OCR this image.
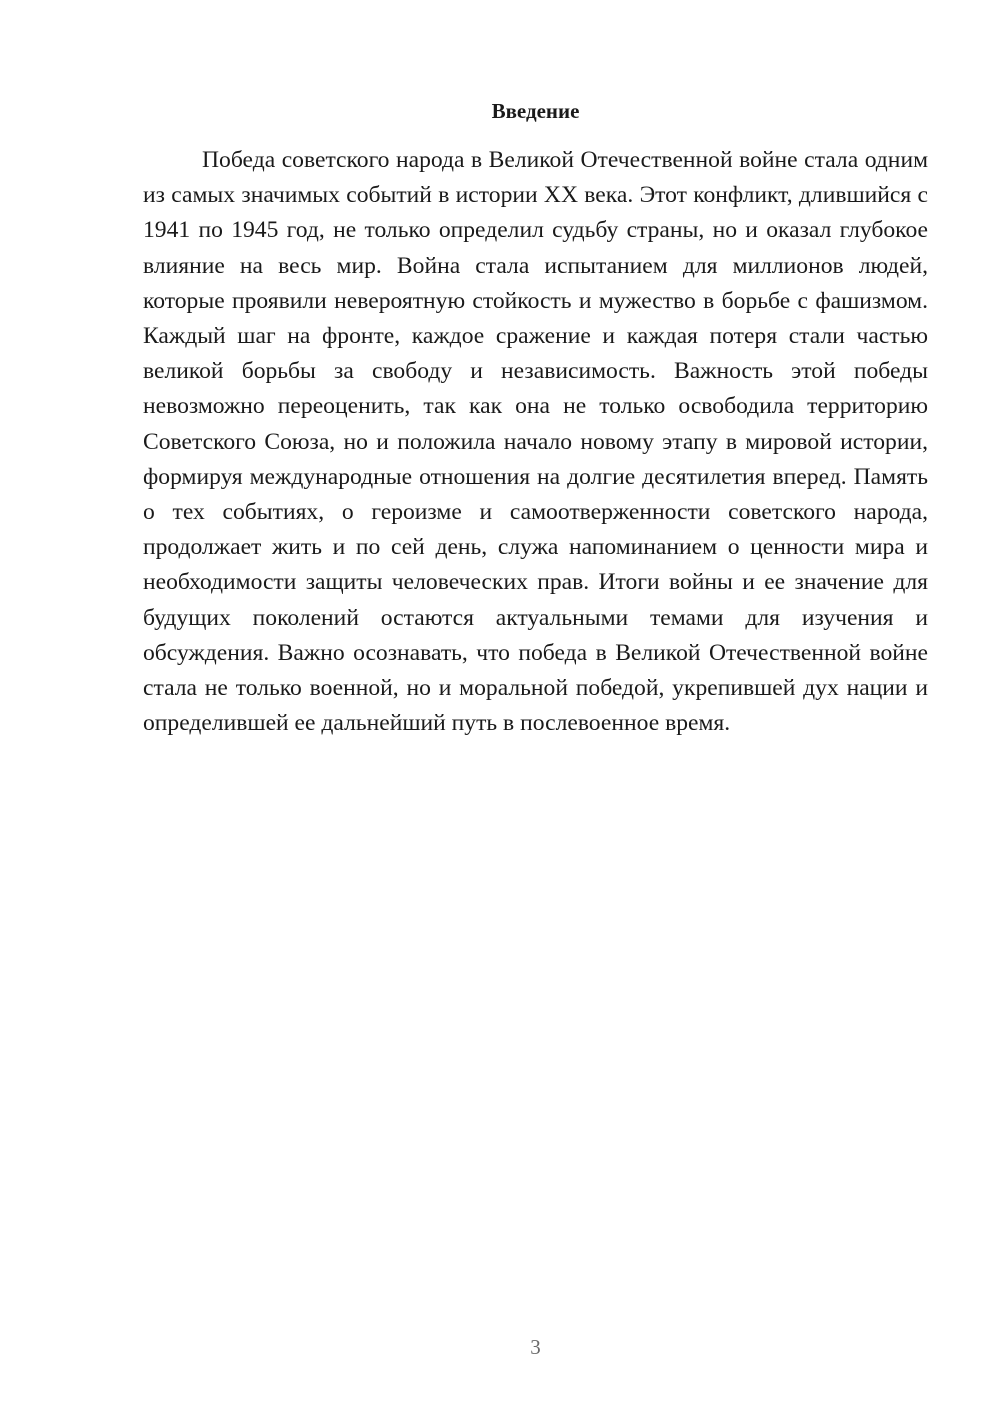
Введение

Победа советского народа в Великой Отечественной войне стала одним из самых значимых событий в истории XX века. Этот конфликт, длившийся с 1941 по 1945 год, не только определил судьбу страны, но и оказал глубокое влияние на весь мир. Война стала испытанием для миллионов людей, которые проявили невероятную стойкость и мужество в борьбе с фашизмом. Каждый шаг на фронте, каждое сражение и каждая потеря стали частью великой борьбы за свободу и независимость. Важность этой победы невозможно переоценить, так как она не только освободила территорию Советского Союза, но и положила начало новому этапу в мировой истории, формируя международные отношения на долгие десятилетия вперед. Память о тех событиях, о героизме и самоотверженности советского народа, продолжает жить и по сей день, служа напоминанием о ценности мира и необходимости защиты человеческих прав. Итоги войны и ее значение для будущих поколений остаются актуальными темами для изучения и обсуждения. Важно осознавать, что победа в Великой Отечественной войне стала не только военной, но и моральной победой, укрепившей дух нации и определившей ее дальнейший путь в послевоенное время.

3
